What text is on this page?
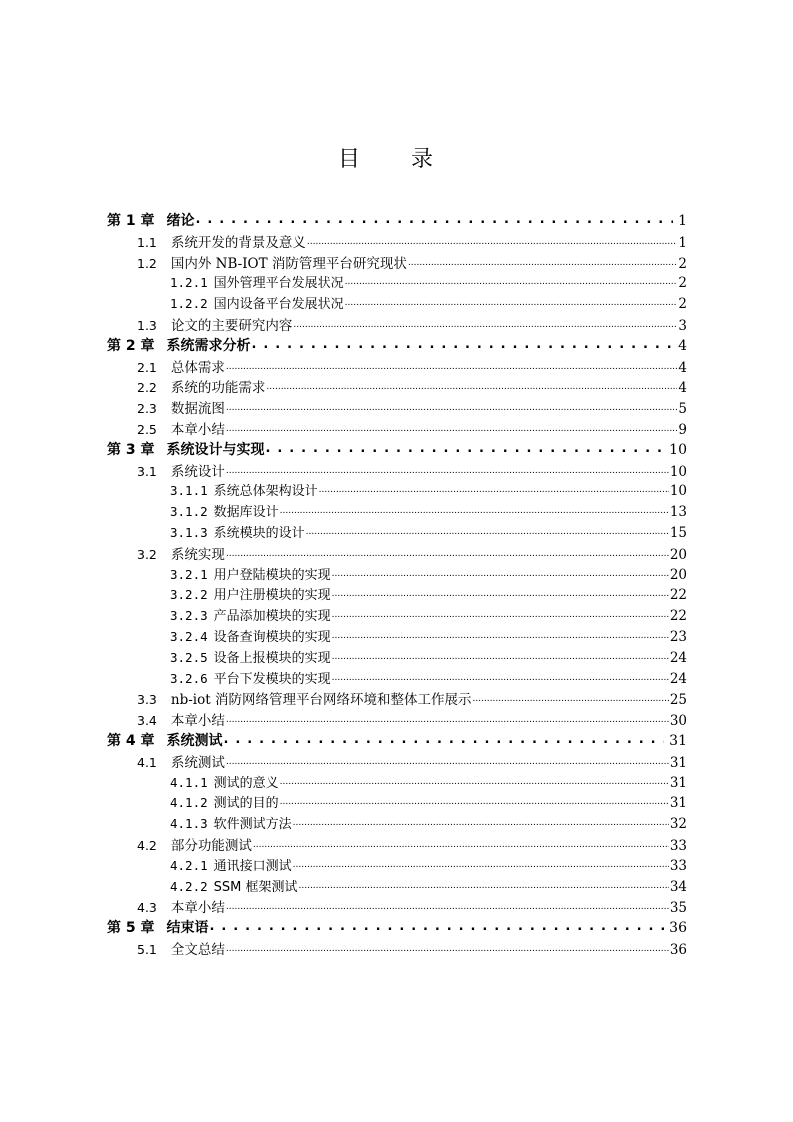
目 录
第 1 章 绪论 . . .	1
1.1 系统开发的背景及意义 .....	1
1.2 国内外 NB-IOT 消防管理平台研究现状 .....	2
1.2.1 国外管理平台发展状况 .....	2
1.2.2 国内设备平台发展状况 .....	2
1.3 论文的主要研究内容 .....	3
第 2 章 系统需求分析 . . .	4
2.1 总体需求 .....	4
2.2 系统的功能需求 .....	4
2.3 数据流图 .....	5
2.5 本章小结 .....	9
第 3 章 系统设计与实现 . . .	10
3.1 系统设计 .....	10
3.1.1 系统总体架构设计 .....	10
3.1.2 数据库设计 .....	13
3.1.3 系统模块的设计 .....	15
3.2 系统实现 .....	20
3.2.1 用户登陆模块的实现 .....	20
3.2.2 用户注册模块的实现 .....	22
3.2.3 产品添加模块的实现 .....	22
3.2.4 设备查询模块的实现 .....	23
3.2.5 设备上报模块的实现 .....	24
3.2.6 平台下发模块的实现 .....	24
3.3 nb-iot 消防网络管理平台网络环境和整体工作展示 .....	25
3.4 本章小结 .....	30
第 4 章 系统测试 . . .	31
4.1 系统测试 .....	31
4.1.1 测试的意义 .....	31
4.1.2 测试的目的 .....	31
4.1.3 软件测试方法 .....	32
4.2 部分功能测试 .....	33
4.2.1 通讯接口测试 .....	33
4.2.2 SSM 框架测试 .....	34
4.3 本章小结 .....	35
第 5 章 结束语 . . .	36
5.1 全文总结 .....	36
